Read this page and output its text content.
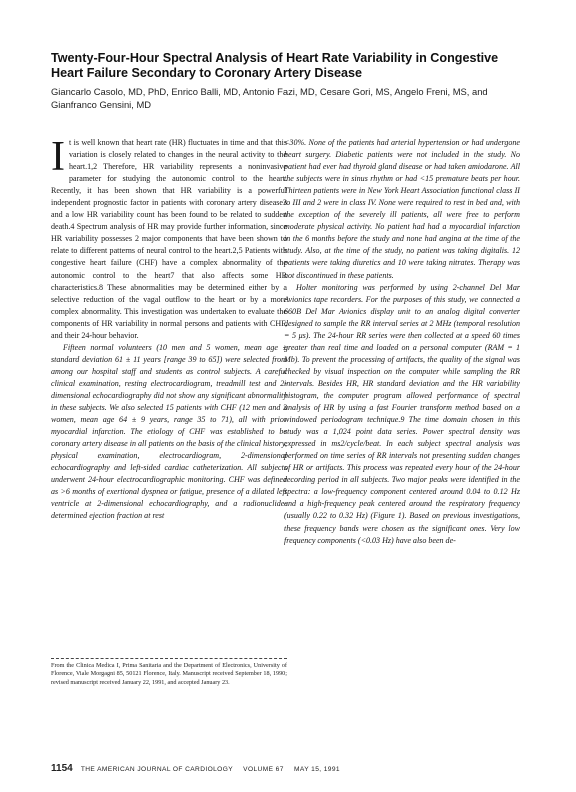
Twenty-Four-Hour Spectral Analysis of Heart Rate Variability in Congestive Heart Failure Secondary to Coronary Artery Disease

Giancarlo Casolo, MD, PhD, Enrico Balli, MD, Antonio Fazi, MD, Cesare Gori, MS, Angelo Freni, MS, and Gianfranco Gensini, MD

It is well known that heart rate (HR) fluctuates in time and that this variation is closely related to changes in the neural activity to the heart.1,2 Therefore, HR variability represents a noninvasive parameter for studying the autonomic control to the heart. Recently, it has been shown that HR variability is a powerful independent prognostic factor in patients with coronary artery disease3 and a low HR variability count has been found to be related to sudden death.4 Spectrum analysis of HR may provide further information, since HR variability possesses 2 major components that have been shown to relate to different patterns of neural control to the heart.2,5 Patients with congestive heart failure (CHF) have a complex abnormality of the autonomic control to the heart7 that also affects some HR characteristics.8 These abnormalities may be determined either by a selective reduction of the vagal outflow to the heart or by a more complex abnormality. This investigation was undertaken to evaluate the components of HR variability in normal persons and patients with CHF, and their 24-hour behavior.

Fifteen normal volunteers (10 men and 5 women, mean age ± standard deviation 61 ± 11 years [range 39 to 65]) were selected from among our hospital staff and students as control subjects. A careful clinical examination, resting electrocardiogram, treadmill test and 2-dimensional echocardiography did not show any significant abnormality in these subjects. We also selected 15 patients with CHF (12 men and 3 women, mean age 64 ± 9 years, range 35 to 71), all with prior myocardial infarction. The etiology of CHF was established to be coronary artery disease in all patients on the basis of the clinical history, physical examination, electrocardiogram, 2-dimensional echocardiography and left-sided cardiac catheterization. All subjects underwent 24-hour electrocardiographic monitoring. CHF was defined as >6 months of exertional dyspnea or fatigue, presence of a dilated left ventricle at 2-dimensional echocardiography, and a radionuclide-determined ejection fraction at rest

<30%. None of the patients had arterial hypertension or had undergone heart surgery. Diabetic patients were not included in the study. No patient had ever had thyroid gland disease or had taken amiodarone. All the subjects were in sinus rhythm or had <15 premature beats per hour. Thirteen patients were in New York Heart Association functional class II to III and 2 were in class IV. None were required to rest in bed and, with the exception of the severely ill patients, all were free to perform moderate physical activity. No patient had had a myocardial infarction in the 6 months before the study and none had angina at the time of the study. Also, at the time of the study, no patient was taking digitalis. 12 patients were taking diuretics and 10 were taking nitrates. Therapy was not discontinued in these patients.

Holter monitoring was performed by using 2-channel Del Mar Avionics tape recorders. For the purposes of this study, we connected a 660B Del Mar Avionics display unit to an analog digital converter designed to sample the RR interval series at 2 MHz (temporal resolution = 5 μs). The 24-hour RR series were then collected at a speed 60 times greater than real time and loaded on a personal computer (RAM = 1 Mb). To prevent the processing of artifacts, the quality of the signal was checked by visual inspection on the computer while sampling the RR intervals. Besides HR, HR standard deviation and the HR variability histogram, the computer program allowed performance of spectral analysis of HR by using a fast Fourier transform method based on a windowed periodogram technique.9 The time domain chosen in this study was a 1,024 point data series. Power spectral density was expressed in ms2/cycle/beat. In each subject spectral analysis was performed on time series of RR intervals not presenting sudden changes of HR or artifacts. This process was repeated every hour of the 24-hour recording period in all subjects. Two major peaks were identified in the spectra: a low-frequency component centered around 0.04 to 0.12 Hz and a high-frequency peak centered around the respiratory frequency (usually 0.22 to 0.32 Hz) (Figure 1). Based on previous investigations, these frequency bands were chosen as the significant ones. Very low frequency components (<0.03 Hz) have also been de-

From the Clinica Medica I, Prima Sanitaria and the Department of Electronics, University of Florence, Viale Morgagni 85, 50121 Florence, Italy. Manuscript received September 18, 1990; revised manuscript received January 22, 1991, and accepted January 23.

1154 THE AMERICAN JOURNAL OF CARDIOLOGY VOLUME 67 MAY 15, 1991
